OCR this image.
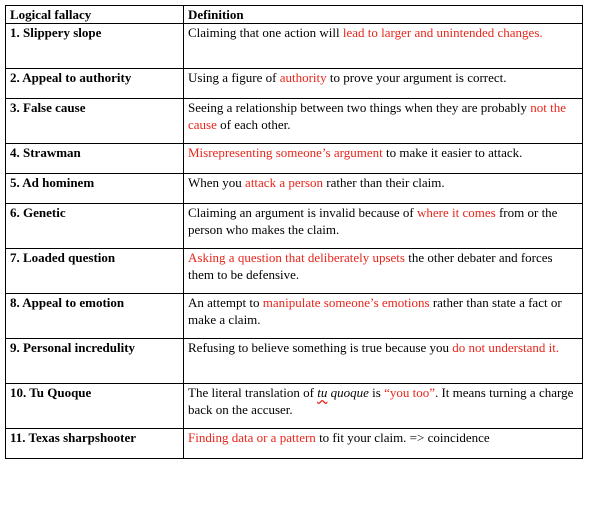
Logical fallacy	Definition
1. Slippery slope	Claiming that one action will lead to larger and unintended changes.
2. Appeal to authority	Using a figure of authority to prove your argument is correct.
3. False cause	Seeing a relationship between two things when they are probably not the cause of each other.
4. Strawman	Misrepresenting someone’s argument to make it easier to attack.
5. Ad hominem	When you attack a person rather than their claim.
6. Genetic	Claiming an argument is invalid because of where it comes from or the person who makes the claim.
7. Loaded question	Asking a question that deliberately upsets the other debater and forces them to be defensive.
8. Appeal to emotion	An attempt to manipulate someone’s emotions rather than state a fact or make a claim.
9. Personal incredulity	Refusing to believe something is true because you do not understand it.
10. Tu Quoque	The literal translation of tu quoque is “you too”. It means turning a charge back on the accuser.
11. Texas sharpshooter	Finding data or a pattern to fit your claim. => coincidence
